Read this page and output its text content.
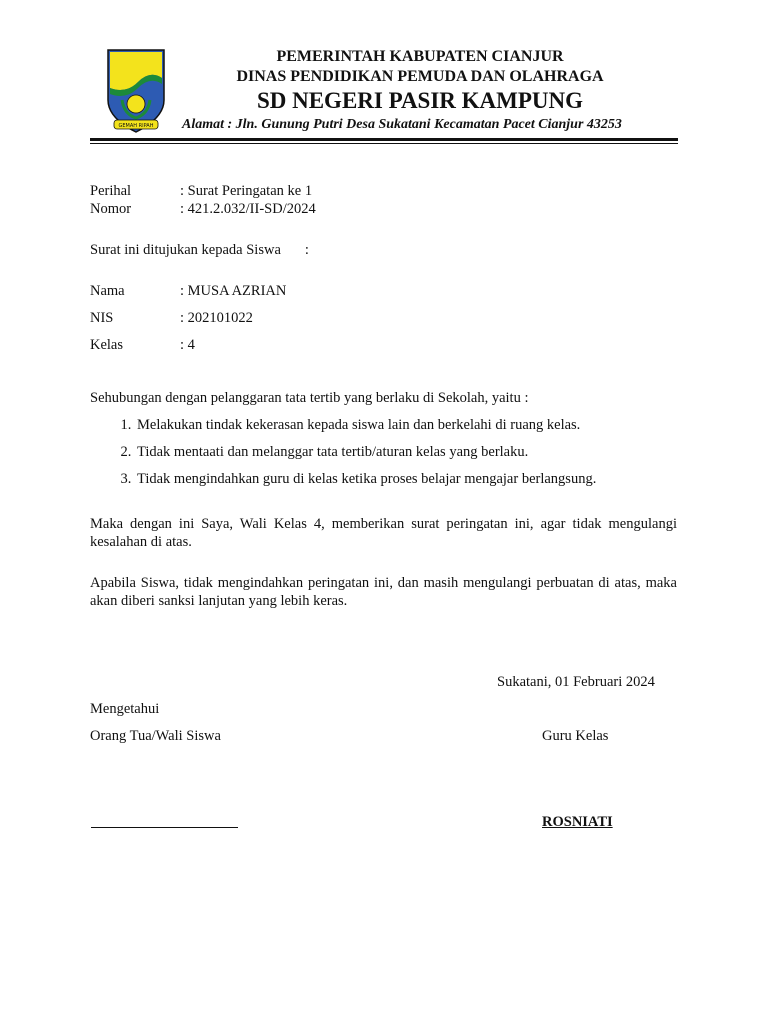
GEMAH RIPAH
PEMERINTAH KABUPATEN CIANJUR
DINAS PENDIDIKAN PEMUDA DAN OLAHRAGA
SD NEGERI PASIR KAMPUNG
Alamat : Jln. Gunung Putri Desa Sukatani Kecamatan Pacet Cianjur 43253
Perihal	: Surat Peringatan ke 1
Nomor	: 421.2.032/II-SD/2024
Surat ini ditujukan kepada Siswa :
Nama	: MUSA AZRIAN
NIS	: 202101022
Kelas	: 4
Sehubungan dengan pelanggaran tata tertib yang berlaku di Sekolah, yaitu :
1. Melakukan tindak kekerasan kepada siswa lain dan berkelahi di ruang kelas.
2. Tidak mentaati dan melanggar tata tertib/aturan kelas yang berlaku.
3. Tidak mengindahkan guru di kelas ketika proses belajar mengajar berlangsung.
Maka dengan ini Saya, Wali Kelas 4, memberikan surat peringatan ini, agar tidak mengulangi kesalahan di atas.
Apabila Siswa, tidak mengindahkan peringatan ini, dan masih mengulangi perbuatan di atas, maka akan diberi sanksi lanjutan yang lebih keras.
Sukatani, 01 Februari 2024
Mengetahui
Orang Tua/Wali Siswa	Guru Kelas
ROSNIATI
